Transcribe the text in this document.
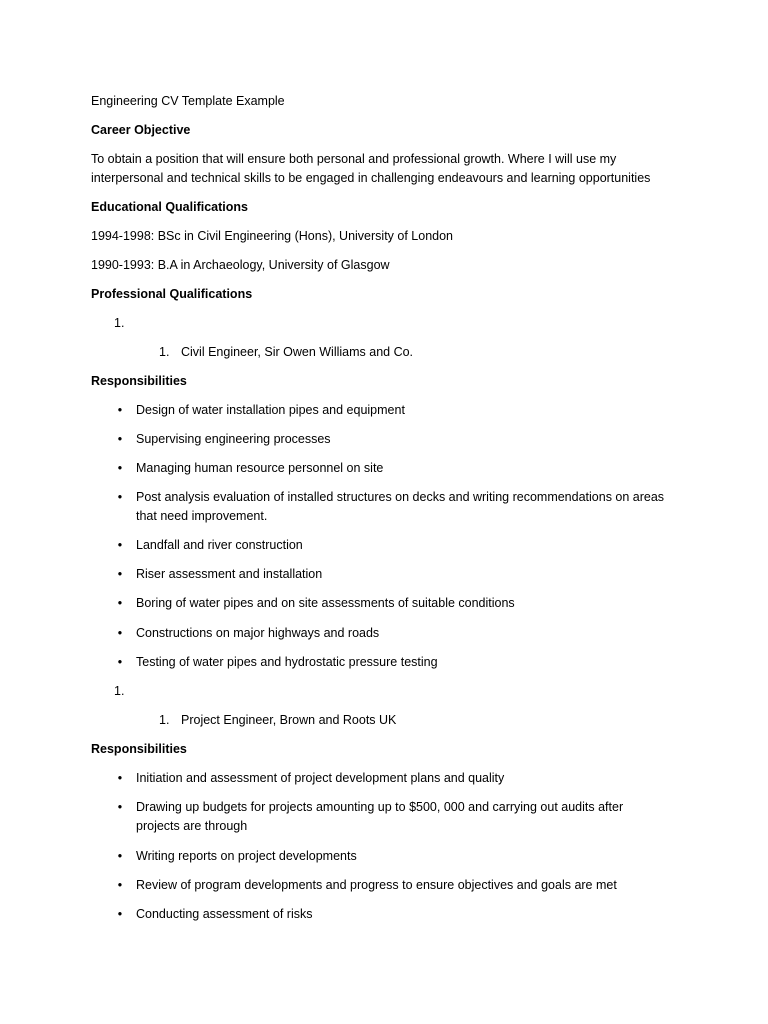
Engineering CV Template Example
Career Objective
To obtain a position that will ensure both personal and professional growth. Where I will use my
interpersonal and technical skills to be engaged in challenging endeavours and learning opportunities
Educational Qualifications
1994-1998: BSc in Civil Engineering (Hons), University of London
1990-1993: B.A in Archaeology, University of Glasgow
Professional Qualifications
1.
1. Civil Engineer, Sir Owen Williams and Co.
Responsibilities
• Design of water installation pipes and equipment
• Supervising engineering processes
• Managing human resource personnel on site
• Post analysis evaluation of installed structures on decks and writing recommendations on areas that need improvement.
• Landfall and river construction
• Riser assessment and installation
• Boring of water pipes and on site assessments of suitable conditions
• Constructions on major highways and roads
• Testing of water pipes and hydrostatic pressure testing
1.
1. Project Engineer, Brown and Roots UK
Responsibilities
• Initiation and assessment of project development plans and quality
• Drawing up budgets for projects amounting up to $500, 000 and carrying out audits after projects are through
• Writing reports on project developments
• Review of program developments and progress to ensure objectives and goals are met
• Conducting assessment of risks
